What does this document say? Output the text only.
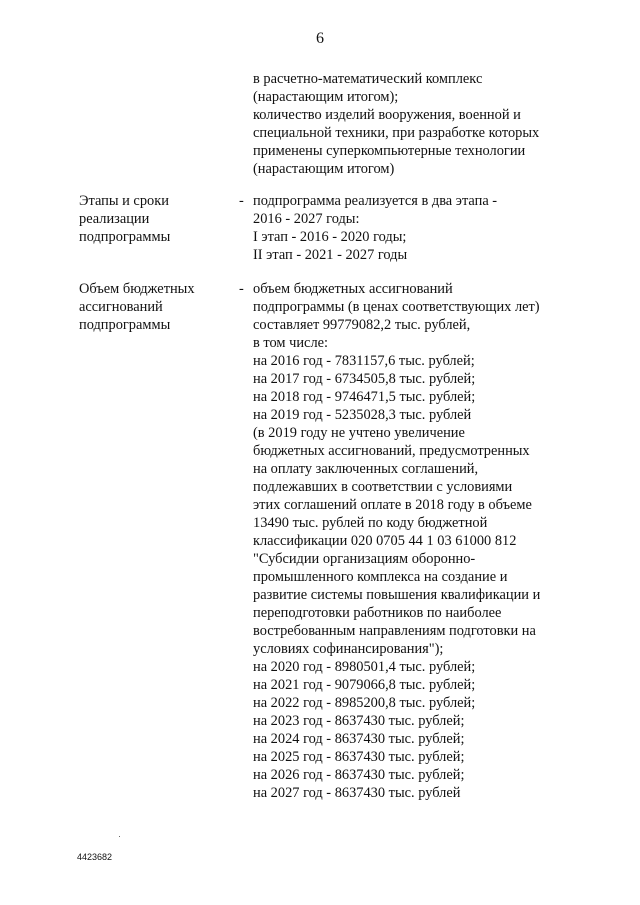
6
в расчетно-математический комплекс
(нарастающим итогом);
количество изделий вооружения, военной и
специальной техники, при разработке которых
применены суперкомпьютерные технологии
(нарастающим итогом)
Этапы и сроки
реализации
подпрограммы
- подпрограмма реализуется в два этапа -
2016 - 2027 годы:
I этап - 2016 - 2020 годы;
II этап - 2021 - 2027 годы
Объем бюджетных
ассигнований
подпрограммы
- объем бюджетных ассигнований
подпрограммы (в ценах соответствующих лет)
составляет 99779082,2 тыс. рублей,
в том числе:
на 2016 год - 7831157,6 тыс. рублей;
на 2017 год - 6734505,8 тыс. рублей;
на 2018 год - 9746471,5 тыс. рублей;
на 2019 год - 5235028,3 тыс. рублей
(в 2019 году не учтено увеличение
бюджетных ассигнований, предусмотренных
на оплату заключенных соглашений,
подлежавших в соответствии с условиями
этих соглашений оплате в 2018 году в объеме
13490 тыс. рублей по коду бюджетной
классификации 020 0705 44 1 03 61000 812
"Субсидии организациям оборонно-
промышленного комплекса на создание и
развитие системы повышения квалификации и
переподготовки работников по наиболее
востребованным направлениям подготовки на
условиях софинансирования");
на 2020 год - 8980501,4 тыс. рублей;
на 2021 год - 9079066,8 тыс. рублей;
на 2022 год - 8985200,8 тыс. рублей;
на 2023 год - 8637430 тыс. рублей;
на 2024 год - 8637430 тыс. рублей;
на 2025 год - 8637430 тыс. рублей;
на 2026 год - 8637430 тыс. рублей;
на 2027 год - 8637430 тыс. рублей
4423682
